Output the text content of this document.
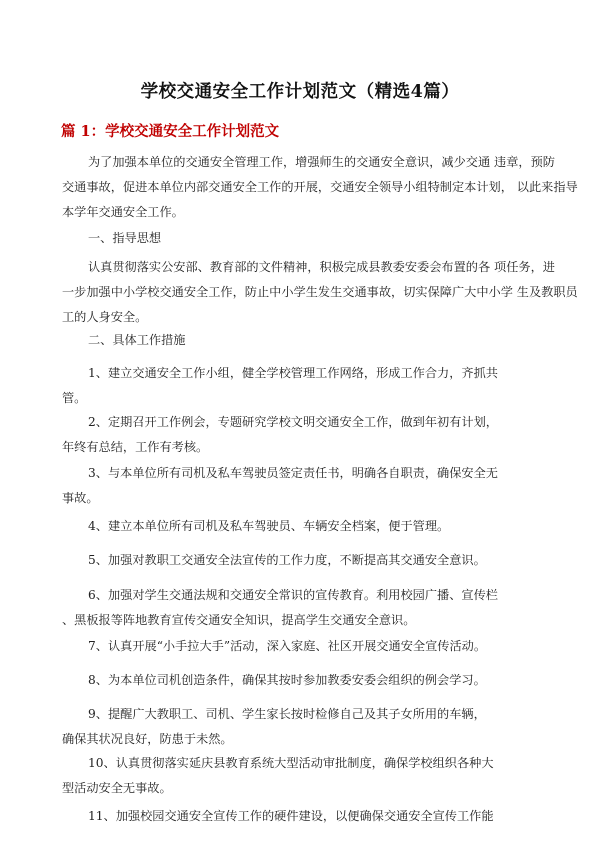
学校交通安全工作计划范文（精选4篇）
篇 1：学校交通安全工作计划范文
为了加强本单位的交通安全管理工作，增强师生的交通安全意识，减少交通 违章，预防
交通事故，促进本单位内部交通安全工作的开展，交通安全领导小组特制定本计划， 以此来指导
本学年交通安全工作。
一、指导思想
认真贯彻落实公安部、教育部的文件精神，积极完成县教委安委会布置的各 项任务，进
一步加强中小学校交通安全工作，防止中小学生发生交通事故，切实保障广大中小学 生及教职员
工的人身安全。
二、具体工作措施
1、建立交通安全工作小组，健全学校管理工作网络，形成工作合力，齐抓共
管。
2、定期召开工作例会，专题研究学校文明交通安全工作，做到年初有计划，
年终有总结，工作有考核。
3、与本单位所有司机及私车驾驶员签定责任书，明确各自职责，确保安全无
事故。
4、建立本单位所有司机及私车驾驶员、车辆安全档案，便于管理。
5、加强对教职工交通安全法宣传的工作力度，不断提高其交通安全意识。
6、加强对学生交通法规和交通安全常识的宣传教育。利用校园广播、宣传栏
、黑板报等阵地教育宣传交通安全知识，提高学生交通安全意识。
7、认真开展“小手拉大手”活动，深入家庭、社区开展交通安全宣传活动。
8、为本单位司机创造条件，确保其按时参加教委安委会组织的例会学习。
9、提醒广大教职工、司机、学生家长按时检修自己及其子女所用的车辆，
确保其状况良好，防患于未然。
10、认真贯彻落实延庆县教育系统大型活动审批制度，确保学校组织各种大
型活动安全无事故。
11、加强校园交通安全宣传工作的硬件建设，以便确保交通安全宣传工作能
